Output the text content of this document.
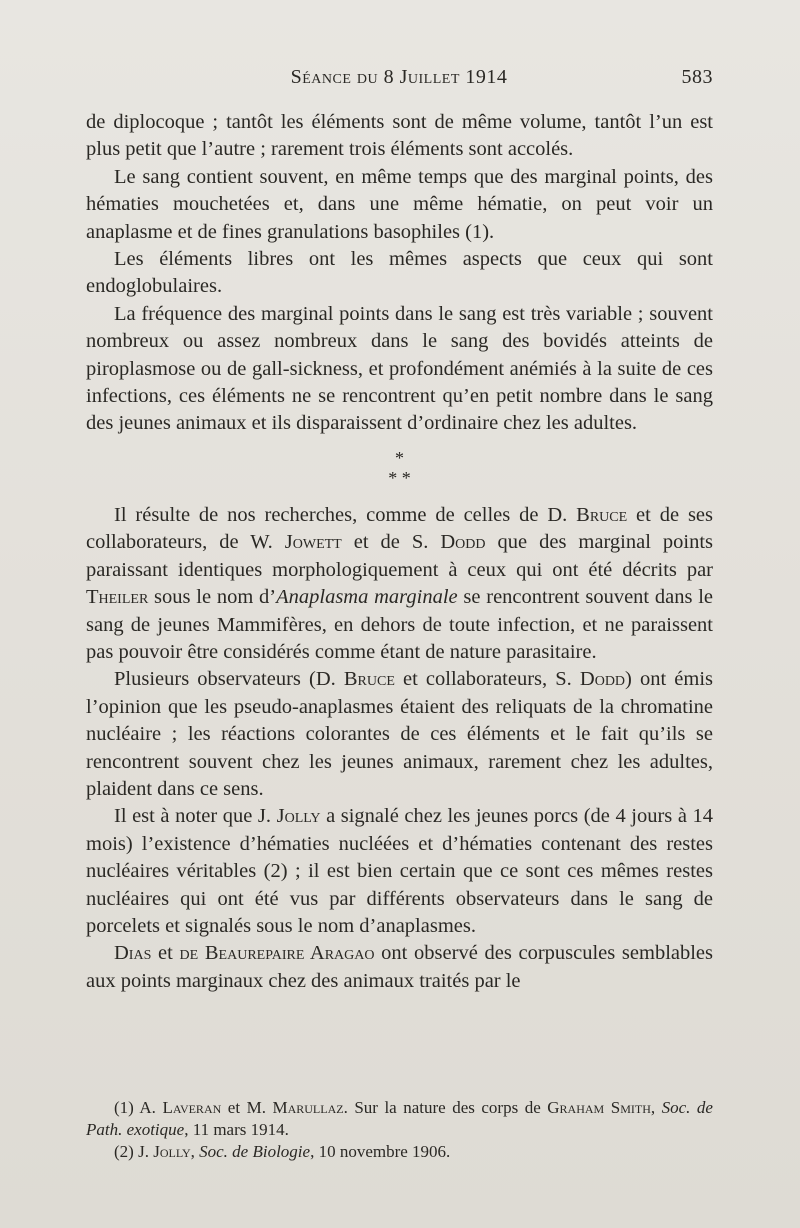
Séance du 8 Juillet 1914	583

de diplocoque ; tantôt les éléments sont de même volume, tantôt l’un est plus petit que l’autre ; rarement trois éléments sont accolés.

Le sang contient souvent, en même temps que des marginal points, des hématies mouchetées et, dans une même hématie, on peut voir un anaplasme et de fines granulations basophiles (1).

Les éléments libres ont les mêmes aspects que ceux qui sont endoglobulaires.

La fréquence des marginal points dans le sang est très variable ; souvent nombreux ou assez nombreux dans le sang des bovidés atteints de piroplasmose ou de gall-sickness, et profondément anémiés à la suite de ces infections, ces éléments ne se rencontrent qu’en petit nombre dans le sang des jeunes animaux et ils disparaissent d’ordinaire chez les adultes.

*
* *

Il résulte de nos recherches, comme de celles de D. Bruce et de ses collaborateurs, de W. Jowett et de S. Dodd que des marginal points paraissant identiques morphologiquement à ceux qui ont été décrits par Theiler sous le nom d’Anaplasma marginale se rencontrent souvent dans le sang de jeunes Mammifères, en dehors de toute infection, et ne paraissent pas pouvoir être considérés comme étant de nature parasitaire.

Plusieurs observateurs (D. Bruce et collaborateurs, S. Dodd) ont émis l’opinion que les pseudo-anaplasmes étaient des reliquats de la chromatine nucléaire ; les réactions colorantes de ces éléments et le fait qu’ils se rencontrent souvent chez les jeunes animaux, rarement chez les adultes, plaident dans ce sens.

Il est à noter que J. Jolly a signalé chez les jeunes porcs (de 4 jours à 14 mois) l’existence d’hématies nucléées et d’hématies contenant des restes nucléaires véritables (2) ; il est bien certain que ce sont ces mêmes restes nucléaires qui ont été vus par différents observateurs dans le sang de porcelets et signalés sous le nom d’anaplasmes.

Dias et de Beaurepaire Aragao ont observé des corpuscules semblables aux points marginaux chez des animaux traités par le

(1) A. Laveran et M. Marullaz. Sur la nature des corps de Graham Smith, Soc. de Path. exotique, 11 mars 1914.

(2) J. Jolly, Soc. de Biologie, 10 novembre 1906.
